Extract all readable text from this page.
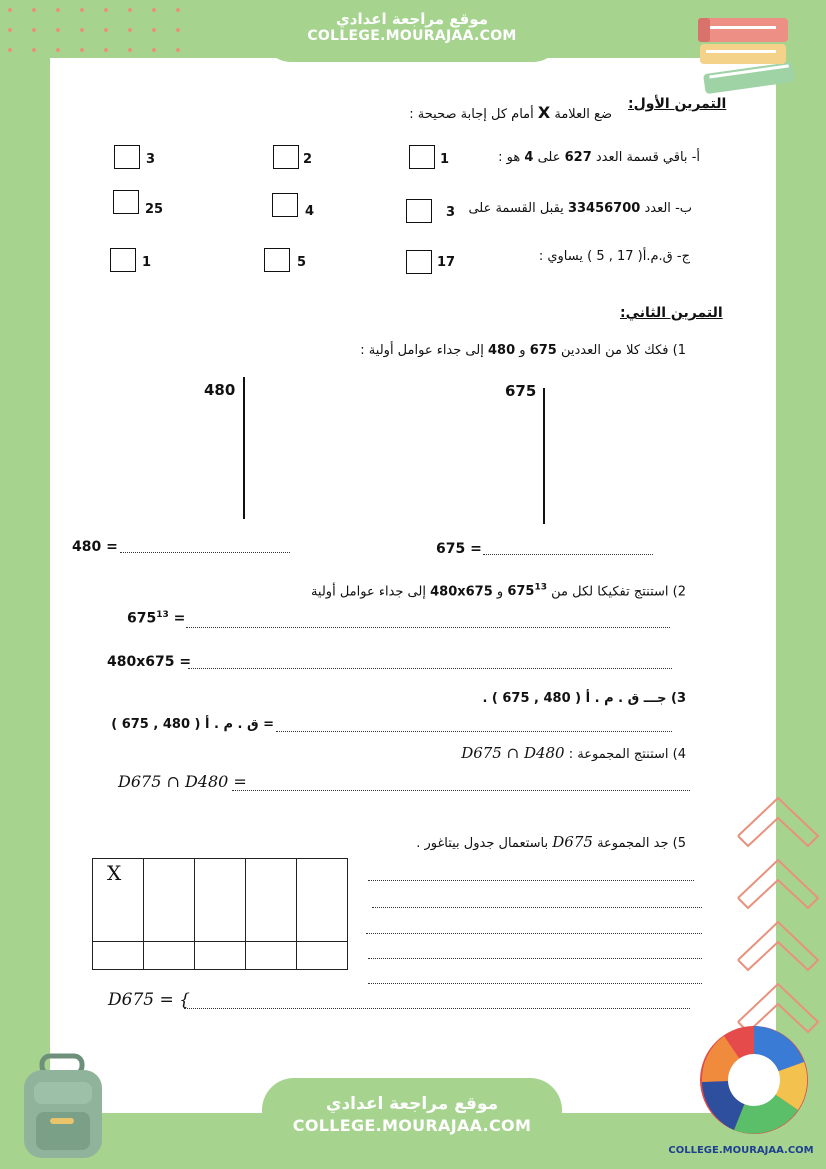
موقع مراجعة اعدادي
COLLEGE.MOURAJAA.COM
التمرين الأول:
ضع العلامة X أمام كل إجابة صحيحة :
أ- باقي قسمة العدد 627 على 4 هو :
1
2
3
ب- العدد 33456700 يقبل القسمة على
3
4
25
ج- ق.م.أ( 17 , 5 ) يساوي :
17
5
1
التمرين الثاني:
1) فكك كلا من العددين 675 و 480 إلى جداء عوامل أولية :
675
480
480 =	675 =
2) استنتج تفكيكا لكل من $675^{13}$ و 480x675 إلى جداء عوامل أولية
$675^{13}$ =
480x675 =
3) جـــ ق . م . أ ( 480 , 675 ) .
= ق . م . أ ( 480 , 675 )
4) استنتج المجموعة : D675 ∩ D480
D675 ∩ D480 =
5) جد المجموعة D675 باستعمال جدول بيتاغور .
X				

D675 = {
موقع مراجعة اعدادي
COLLEGE.MOURAJAA.COM
COLLEGE.MOURAJAA.COM
